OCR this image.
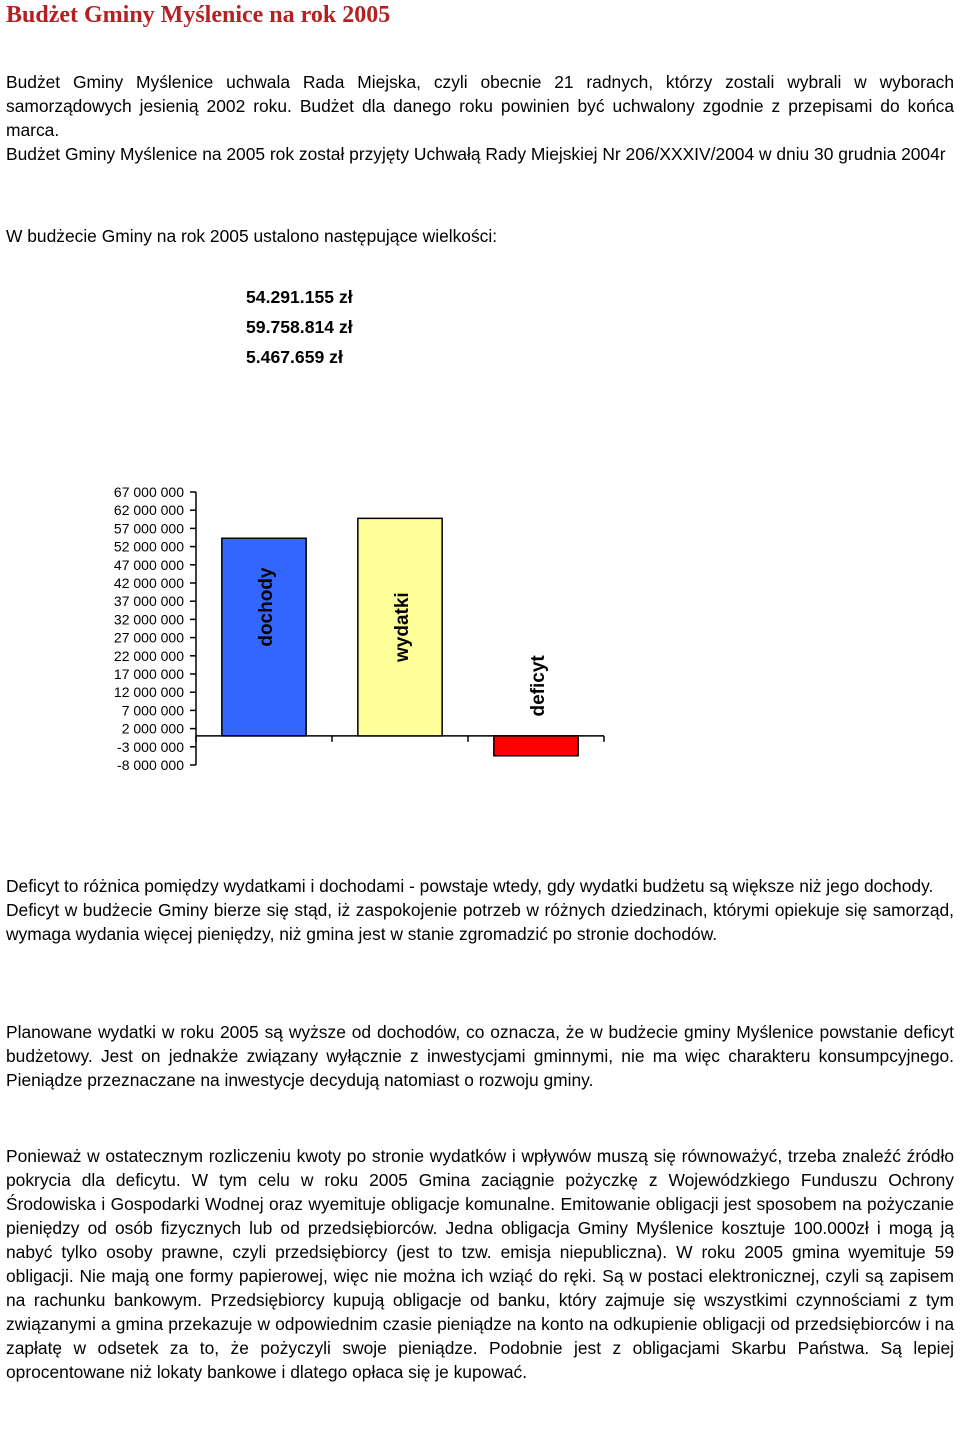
Budżet Gminy Myślenice na rok 2005
Budżet Gminy Myślenice uchwala Rada Miejska, czyli obecnie 21 radnych, którzy zostali wybrali w wyborach samorządowych jesienią 2002 roku. Budżet dla danego roku powinien być uchwalony zgodnie z przepisami do końca marca.
Budżet Gminy Myślenice na 2005 rok został przyjęty Uchwałą Rady Miejskiej Nr 206/XXXIV/2004 w dniu 30 grudnia 2004r
W budżecie Gminy na rok 2005 ustalono następujące wielkości:
54.291.155 zł
59.758.814 zł
5.467.659 zł
67 000 000
62 000 000
57 000 000
52 000 000
47 000 000
42 000 000
37 000 000
32 000 000
27 000 000
22 000 000
17 000 000
12 000 000
7 000 000
2 000 000
-3 000 000
-8 000 000
dochody	wydatki
deficyt
Deficyt to różnica pomiędzy wydatkami i dochodami - powstaje wtedy, gdy wydatki budżetu są większe niż jego dochody.
Deficyt w budżecie Gminy bierze się stąd, iż zaspokojenie potrzeb w różnych dziedzinach, którymi opiekuje się samorząd, wymaga wydania więcej pieniędzy, niż gmina jest w stanie zgromadzić po stronie dochodów.
Planowane wydatki w roku 2005 są wyższe od dochodów, co oznacza, że w budżecie gminy Myślenice powstanie deficyt budżetowy. Jest on jednakże związany wyłącznie z inwestycjami gminnymi, nie ma więc charakteru konsumpcyjnego. Pieniądze przeznaczane na inwestycje decydują natomiast o rozwoju gminy.
Ponieważ w ostatecznym rozliczeniu kwoty po stronie wydatków i wpływów muszą się równoważyć, trzeba znaleźć źródło pokrycia dla deficytu. W tym celu w roku 2005 Gmina zaciągnie pożyczkę z Wojewódzkiego Funduszu Ochrony Środowiska i Gospodarki Wodnej oraz wyemituje obligacje komunalne. Emitowanie obligacji jest sposobem na pożyczanie pieniędzy od osób fizycznych lub od przedsiębiorców. Jedna obligacja Gminy Myślenice kosztuje 100.000zł i mogą ją nabyć tylko osoby prawne, czyli przedsiębiorcy (jest to tzw. emisja niepubliczna). W roku 2005 gmina wyemituje 59 obligacji. Nie mają one formy papierowej, więc nie można ich wziąć do ręki. Są w postaci elektronicznej, czyli są zapisem na rachunku bankowym. Przedsiębiorcy kupują obligacje od banku, który zajmuje się wszystkimi czynnościami z tym związanymi a gmina przekazuje w odpowiednim czasie pieniądze na konto na odkupienie obligacji od przedsiębiorców i na zapłatę w odsetek za to, że pożyczyli swoje pieniądze. Podobnie jest z obligacjami Skarbu Państwa. Są lepiej oprocentowane niż lokaty bankowe i dlatego opłaca się je kupować.
